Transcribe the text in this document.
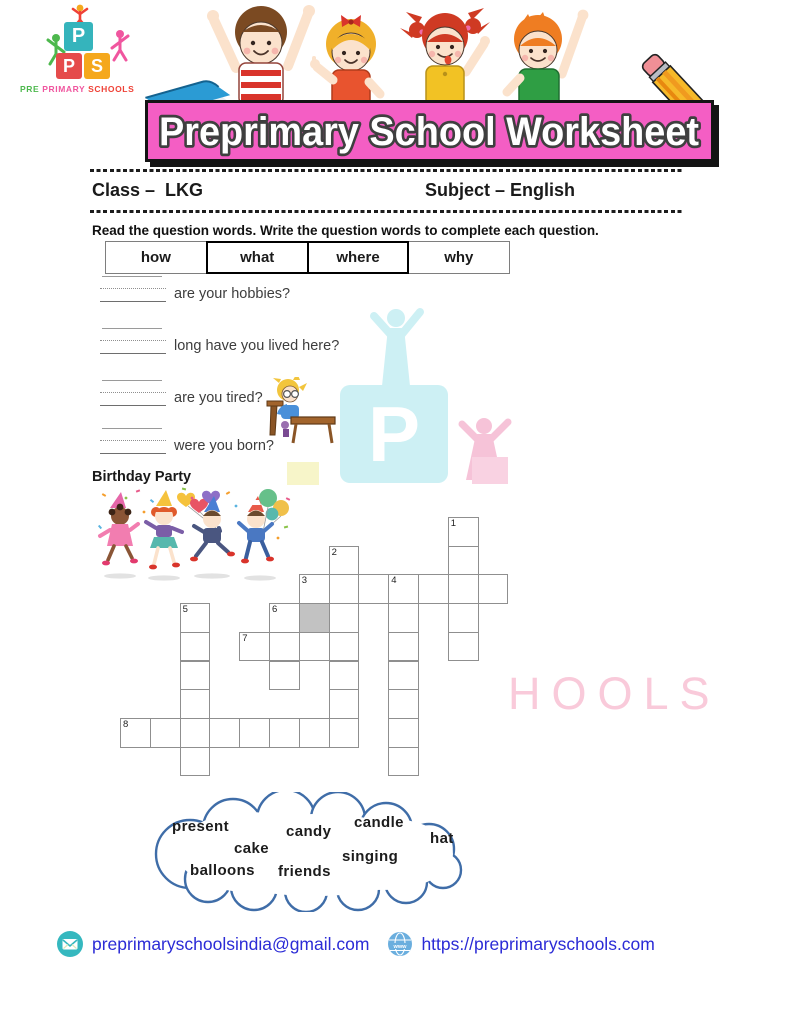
P
HOOLS
P
P S
PRE PRIMARY SCHOOLS
Preprimary School Worksheet
Class –  LKG	Subject – English
Read the question words. Write the question words to complete each question.
how	what	where	why
are your hobbies?
long have you lived here?
are you tired?
were you born?
Birthday Party
1
2
3	4
5	6
7
8
present	candy
candle
hat
cake	singing
balloons friends
preprimaryschoolsindia@gmail.com	www https://preprimaryschools.com
